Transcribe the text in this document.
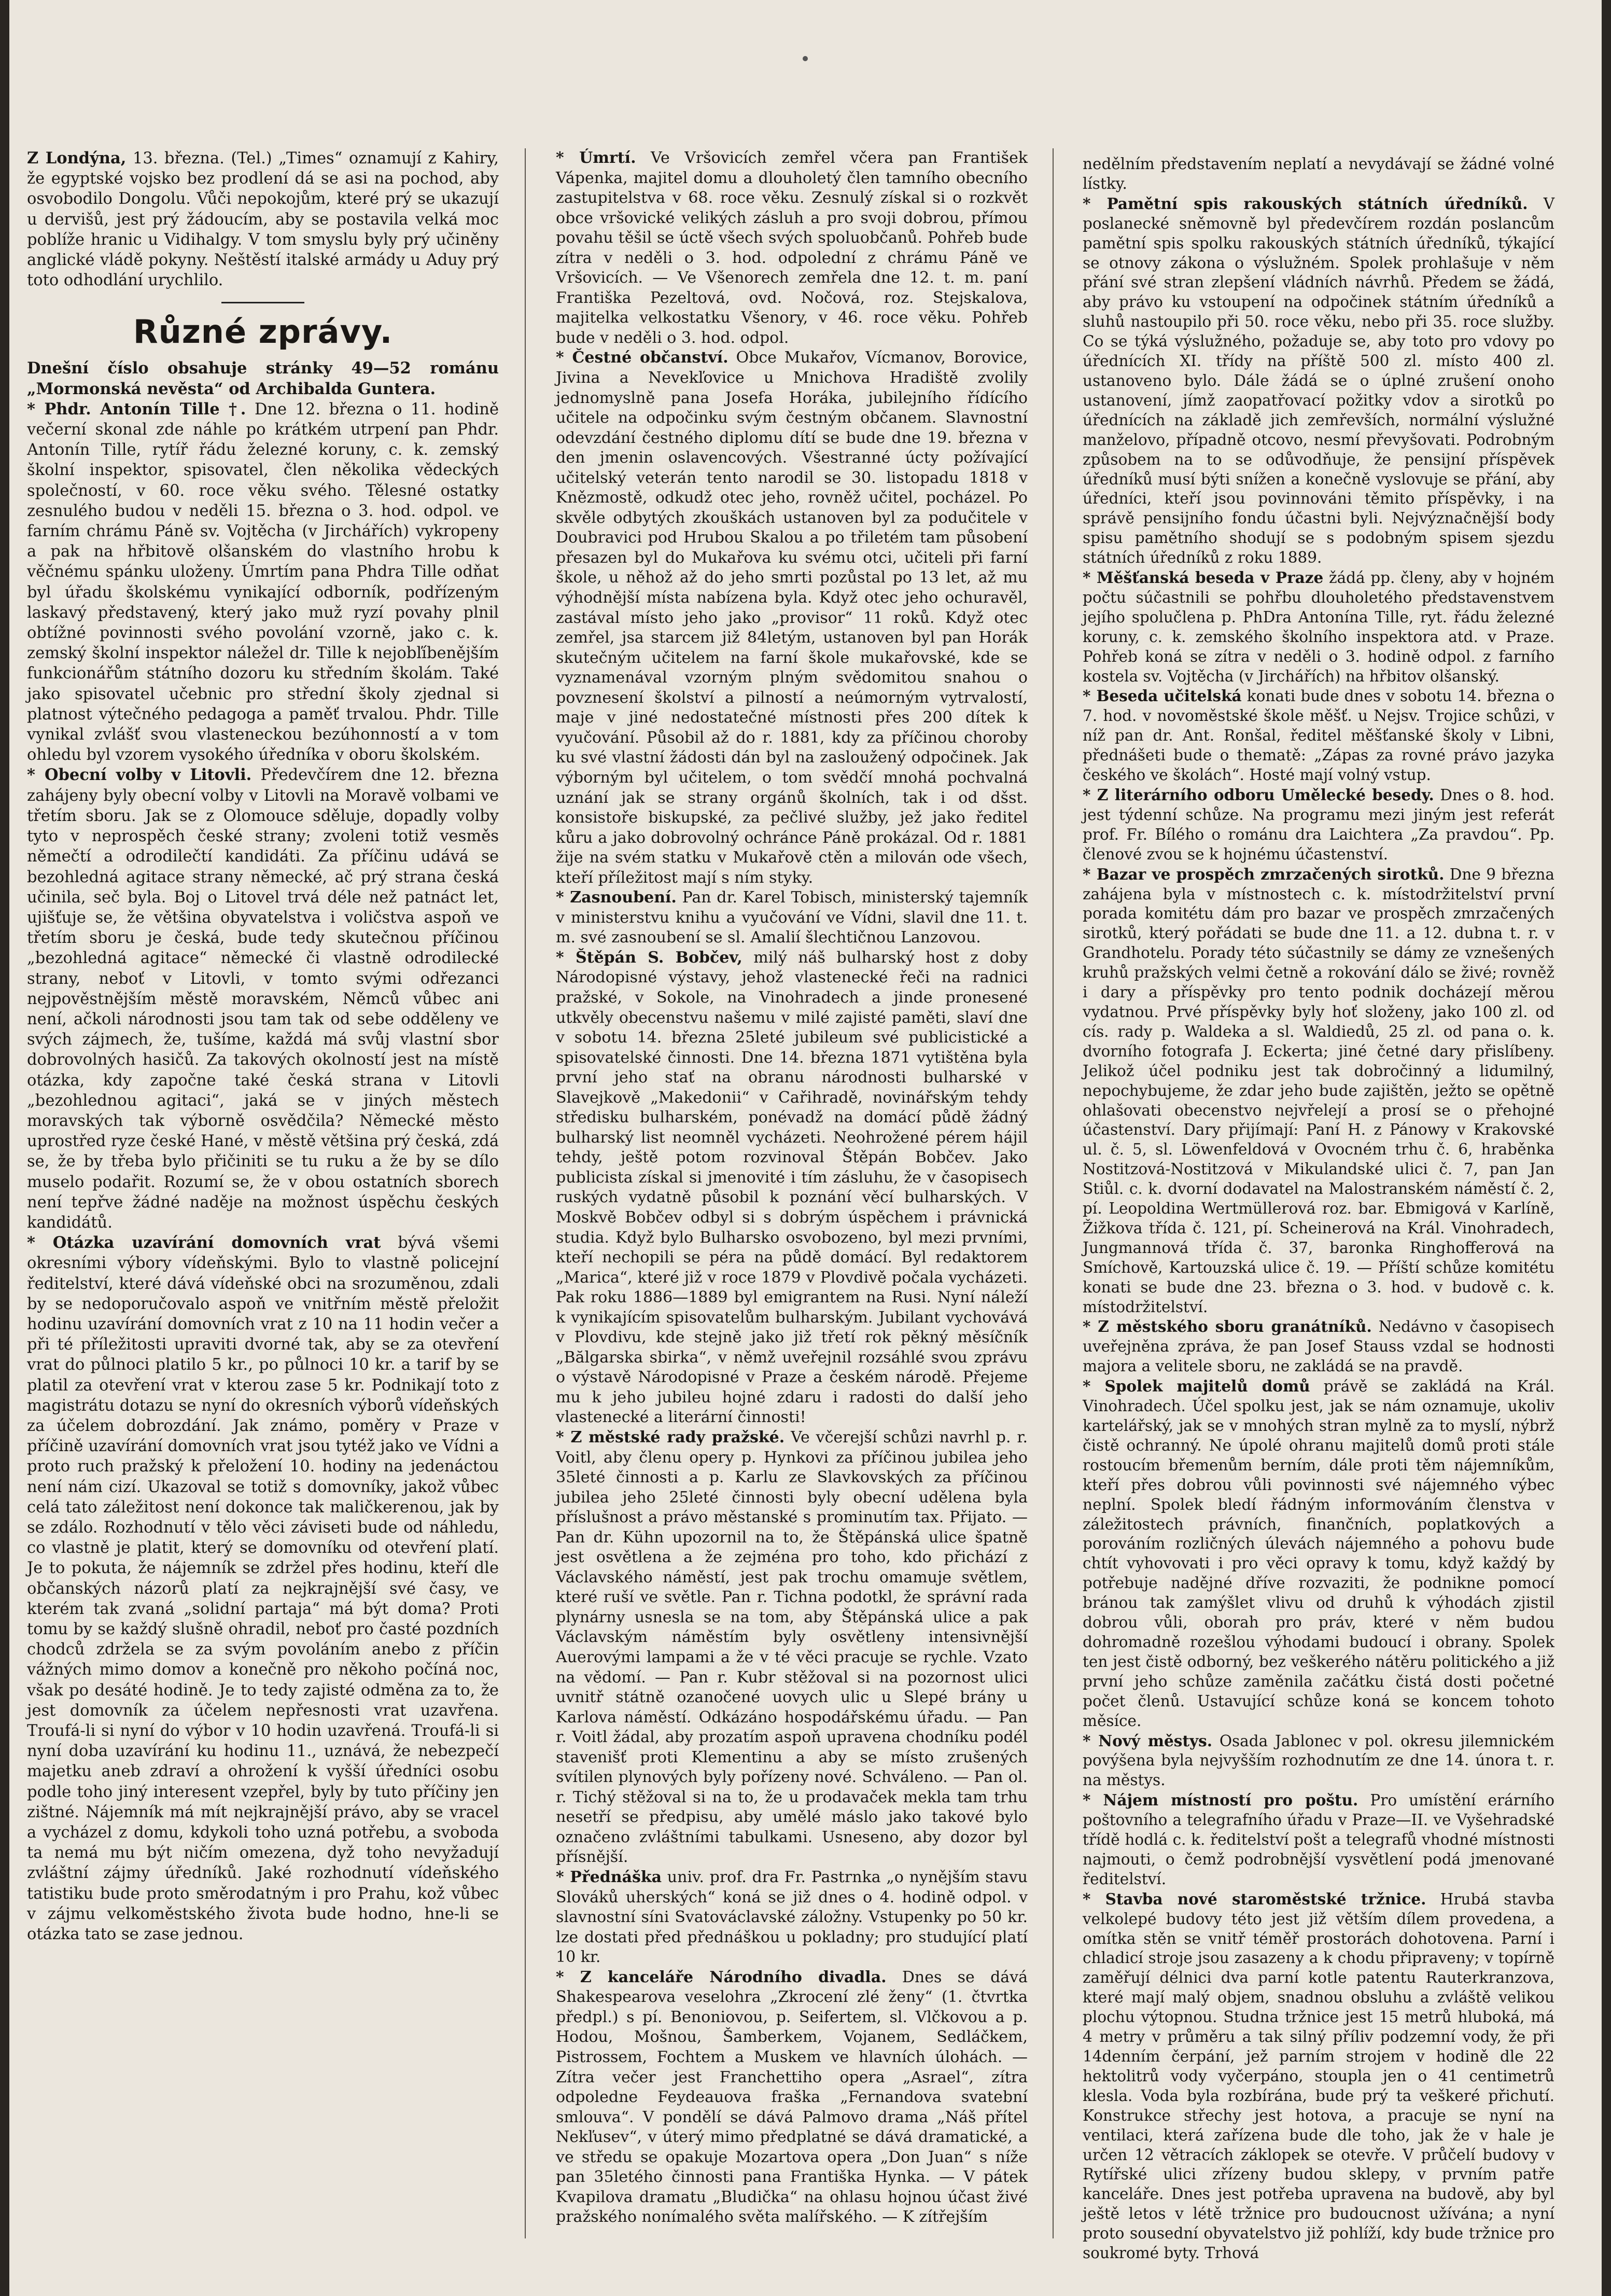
Z Londýna, 13. března. (Tel.) „Times“ oznamují z Kahiry, že egyptské vojsko bez prodlení dá se asi na pochod, aby osvobodilo Dongolu. Vůči nepokojům, které prý se ukazují u dervišů, jest prý žádoucím, aby se postavila velká moc poblíže hranic u Vidihalgy. V tom smyslu byly prý učiněny anglické vládě pokyny. Neštěstí italské armády u Aduy prý toto odhodlání urychlilo.

Různé zprávy.

Dnešní číslo obsahuje stránky 49—52 románu „Mormonská nevěsta“ od Archibalda Guntera.

* Phdr. Antonín Tille †. Dne 12. března o 11. hodině večerní skonal zde náhle po krátkém utrpení pan Phdr. Antonín Tille, rytíř řádu železné koruny, c. k. zemský školní inspektor, spisovatel, člen několika vědeckých společností, v 60. roce věku svého. Tělesné ostatky zesnulého budou v neděli 15. března o 3. hod. odpol. ve farním chrámu Páně sv. Vojtěcha (v Jirchářích) vykropeny a pak na hřbitově olšanském do vlastního hrobu k věčnému spánku uloženy. Úmrtím pana Phdra Tille odňat byl úřadu školskému vynikající odborník, podřízeným laskavý představený, který jako muž ryzí povahy plnil obtížné povinnosti svého povolání vzorně, jako c. k. zemský školní inspektor náležel dr. Tille k nejobľíbenějším funkcionářům státního dozoru ku středním školám. Také jako spisovatel učebnic pro střední školy zjednal si platnost výtečného pedagoga a paměť trvalou. Phdr. Tille vynikal zvlášť svou vlasteneckou bezúhonností a v tom ohledu byl vzorem vysokého úředníka v oboru školském.

* Obecní volby v Litovli. Předevčírem dne 12. března zahájeny byly obecní volby v Litovli na Moravě volbami ve třetím sboru. Jak se z Olomouce sděluje, dopadly volby tyto v neprospěch české strany; zvoleni totiž vesměs němečtí a odrodilečtí kandidáti. Za příčinu udává se bezohledná agitace strany německé, ač prý strana česká učinila, seč byla. Boj o Litovel trvá déle než patnáct let, ujišťuje se, že většina obyvatelstva i voličstva aspoň ve třetím sboru je česká, bude tedy skutečnou příčinou „bezohledná agitace“ německé či vlastně odrodilecké strany, neboť v Litovli, v tomto svými odřezanci nejpověstnějším městě moravském, Němců vůbec ani není, ačkoli národnosti jsou tam tak od sebe odděleny ve svých zájmech, že, tušíme, každá má svůj vlastní sbor dobrovolných hasičů. Za takových okolností jest na místě otázka, kdy započne také česká strana v Litovli „bezohlednou agitaci“, jaká se v jiných městech moravských tak výborně osvědčila? Německé město uprostřed ryze české Hané, v městě většina prý česká, zdá se, že by třeba bylo přičiniti se tu ruku a že by se dílo muselo podařit. Rozumí se, že v obou ostatních sborech není tepřve žádné naděje na možnost úspěchu českých kandidátů.

* Otázka uzavírání domovních vrat bývá všemi okresními výbory vídeňskými. Bylo to vlastně policejní ředitelství, které dává vídeňské obci na srozuměnou, zdali by se nedoporučovalo aspoň ve vnitřním městě přeložit hodinu uzavírání domovních vrat z 10 na 11 hodin večer a při té příležitosti upraviti dvorné tak, aby se za otevření vrat do půlnoci platilo 5 kr., po půlnoci 10 kr. a tarif by se platil za otevření vrat v kterou zase 5 kr. Podnikají toto z magistrátu dotazu se nyní do okresních výborů vídeňských za účelem dobrozdání. Jak známo, poměry v Praze v příčině uzavírání domovních vrat jsou tytéž jako ve Vídni a proto ruch pražský k přeložení 10. hodiny na jedenáctou není nám cizí. Ukazoval se totiž s domovníky, jakož vůbec celá tato záležitost není dokonce tak maličkerenou, jak by se zdálo. Rozhodnutí v tělo věci záviseti bude od náhledu, co vlastně je platit, který se domovníku od otevření platí. Je to pokuta, že nájemník se zdržel přes hodinu, kteří dle občanských názorů platí za nejkrajnější své časy, ve kterém tak zvaná „solidní partaja“ má být doma? Proti tomu by se každý slušně ohradil, neboť pro časté pozdních chodců zdržela se za svým povoláním anebo z příčin vážných mimo domov a konečně pro někoho počíná noc, však po desáté hodině. Je to tedy zajisté odměna za to, že jest domovník za účelem nepřesnosti vrat uzavřena. Troufá-li si nyní do výbor v 10 hodin uzavřená. Troufá-li si nyní doba uzavírání ku hodinu 11., uznává, že nebezpečí majetku aneb zdraví a ohrožení k vyšší úředníci osobu podle toho jiný interesent vzepřel, byly by tuto příčiny jen zištné. Nájemník má mít nejkrajnější právo, aby se vracel a vycházel z domu, kdykoli toho uzná potřebu, a svoboda ta nemá mu být ničím omezena, dyž toho nevyžadují zvláštní zájmy úředníků. Jaké rozhodnutí vídeňského tatistiku bude proto směrodatným i pro Prahu, kož vůbec v zájmu velkoměstského života bude hodno, hne-li se otázka tato se zase jednou.

* Úmrtí. Ve Vršovicích zemřel včera pan František Vápenka, majitel domu a dlouholetý člen tamního obecního zastupitelstva v 68. roce věku. Zesnulý získal si o rozkvět obce vršovické velikých zásluh a pro svoji dobrou, přímou povahu těšil se úctě všech svých spoluobčanů. Pohřeb bude zítra v neděli o 3. hod. odpolední z chrámu Páně ve Vršovicích. — Ve Všenorech zemřela dne 12. t. m. paní Františka Pezeltová, ovd. Nočová, roz. Stejskalova, majitelka velkostatku Všenory, v 46. roce věku. Pohřeb bude v neděli o 3. hod. odpol.

* Čestné občanství. Obce Mukařov, Vícmanov, Borovice, Jivina a Nevekľovice u Mnichova Hradiště zvolily jednomyslně pana Josefa Horáka, jubilejního řídícího učitele na odpočinku svým čestným občanem. Slavnostní odevzdání čestného diplomu dítí se bude dne 19. března v den jmenin oslavencových. Všestranné úcty požívající učitelský veterán tento narodil se 30. listopadu 1818 v Knězmostě, odkudž otec jeho, rovněž učitel, pocházel. Po skvěle odbytých zkouškách ustanoven byl za podučitele v Doubravici pod Hrubou Skalou a po třiletém tam působení přesazen byl do Mukařova ku svému otci, učiteli při farní škole, u něhož až do jeho smrti pozůstal po 13 let, až mu výhodnější místa nabízena byla. Když otec jeho ochuravěl, zastával místo jeho jako „provisor“ 11 roků. Když otec zemřel, jsa starcem již 84letým, ustanoven byl pan Horák skutečným učitelem na farní škole mukařovské, kde se vyznamenával vzorným plným svědomitou snahou o povznesení školství a pilností a neúmorným vytrvalostí, maje v jiné nedostatečné místnosti přes 200 dítek k vyučování. Působil až do r. 1881, kdy za příčinou choroby ku své vlastní žádosti dán byl na zasloužený odpočinek. Jak výborným byl učitelem, o tom svědčí mnohá pochvalná uznání jak se strany orgánů školních, tak i od dšst. konsistoře biskupské, za pečlivé služby, jež jako ředitel kůru a jako dobrovolný ochránce Páně prokázal. Od r. 1881 žije na svém statku v Mukařově ctěn a milován ode všech, kteří příležitost mají s ním styky.

* Zasnoubení. Pan dr. Karel Tobisch, ministerský tajemník v ministerstvu knihu a vyučování ve Vídni, slavil dne 11. t. m. své zasnoubení se sl. Amalií šlechtičnou Lanzovou.

* Štěpán S. Bobčev, milý náš bulharský host z doby Národopisné výstavy, jehož vlastenecké řeči na radnici pražské, v Sokole, na Vinohradech a jinde pronesené utkvěly obecenstvu našemu v milé zajisté paměti, slaví dne v sobotu 14. března 25leté jubileum své publicistické a spisovatelské činnosti. Dne 14. března 1871 vytištěna byla první jeho stať na obranu národnosti bulharské v Slavejkově „Makedonii“ v Cařihradě, novinářským tehdy středisku bulharském, ponévadž na domácí půdě žádný bulharský list neomněl vycházeti. Neohrožené pérem hájil tehdy, ještě potom rozvinoval Štěpán Bobčev. Jako publicista získal si jmenovité i tím zásluhu, že v časopisech ruských vydatně působil k poznání věcí bulharských. V Moskvě Bobčev odbyl si s dobrým úspěchem i právnická studia. Když bylo Bulharsko osvobozeno, byl mezi prvními, kteří nechopili se péra na půdě domácí. Byl redaktorem „Marica“, které již v roce 1879 v Plovdivě počala vycházeti. Pak roku 1886—1889 byl emigrantem na Rusi. Nyní náleží k vynikajícím spisovatelům bulharským. Jubilant vychovává v Plovdivu, kde stejně jako již třetí rok pěkný měsíčník „Bălgarska sbirka“, v němž uveřejnil rozsáhlé svou zprávu o výstavě Národopisné v Praze a českém národě. Přejeme mu k jeho jubileu hojné zdaru i radosti do další jeho vlastenecké a literární činnosti!

* Z městské rady pražské. Ve včerejší schůzi navrhl p. r. Voitl, aby členu opery p. Hynkovi za příčinou jubilea jeho 35leté činnosti a p. Karlu ze Slavkovských za příčinou jubilea jeho 25leté činnosti byly obecní udělena byla příslušnost a právo městanské s prominutím tax. Přijato. — Pan dr. Kühn upozornil na to, že Štěpánská ulice špatně jest osvětlena a že zejména pro toho, kdo přichází z Václavského náměstí, jest pak trochu omamuje světlem, které ruší ve světle. Pan r. Tichna podotkl, že správní rada plynárny usnesla se na tom, aby Štěpánská ulice a pak Václavským náměstím byly osvětleny intensivnější Auerovými lampami a že v té věci pracuje se rychle. Vzato na vědomí. — Pan r. Kubr stěžoval si na pozornost ulici uvnitř státně ozanočené uovych ulic u Slepé brány u Karlova náměstí. Odkázáno hospodářskému úřadu. — Pan r. Voitl žádal, aby prozatím aspoň upravena chodníku podél stavenišť proti Klementinu a aby se místo zrušených svítilen plynových byly pořízeny nové. Schváleno. — Pan ol. r. Tichý stěžoval si na to, že u prodavaček mekla tam trhu nesetří se předpisu, aby umělé máslo jako takové bylo označeno zvláštními tabulkami. Usneseno, aby dozor byl přísnější.

* Přednáška univ. prof. dra Fr. Pastrnka „o nynějším stavu Slováků uherských“ koná se již dnes o 4. hodině odpol. v slavnostní síni Svatováclavské záložny. Vstupenky po 50 kr. lze dostati před přednáškou u pokladny; pro studující platí 10 kr.

* Z kanceláře Národního divadla. Dnes se dává Shakespearova veselohra „Zkrocení zlé ženy“ (1. čtvrtka předpl.) s pí. Benoniovou, p. Seifertem, sl. Vlčkovou a p. Hodou, Mošnou, Šamberkem, Vojanem, Sedláčkem, Pistrossem, Fochtem a Muskem ve hlavních úlohách. — Zítra večer jest Franchettiho opera „Asrael“, zítra odpoledne Feydeauova fraška „Fernandova svatební smlouva“. V pondělí se dává Palmovo drama „Náš přítel Nekľusev“, v úterý mimo předplatné se dává dramatické, a ve středu se opakuje Mozartova opera „Don Juan“ s níže pan 35letého činnosti pana Františka Hynka. — V pátek Kvapilova dramatu „Bludička“ na ohlasu hojnou účast živé pražského nonímalého světa malířského. — K zítřejším

nedělním představením neplatí a nevydávají se žádné volné lístky.

* Pamětní spis rakouských státních úředníků. V poslanecké sněmovně byl předevčírem rozdán poslancům pamětní spis spolku rakouských státních úředníků, týkající se otnovy zákona o výslužném. Spolek prohlašuje v něm přání své stran zlepšení vládních návrhů. Předem se žádá, aby právo ku vstoupení na odpočinek státním úředníků a sluhů nastoupilo při 50. roce věku, nebo při 35. roce služby. Co se týká výslužného, požaduje se, aby toto pro vdovy po úřednících XI. třídy na příště 500 zl. místo 400 zl. ustanoveno bylo. Dále žádá se o úplné zrušení onoho ustanovení, jímž zaopatřovací požitky vdov a sirotků po úřednících na základě jich zemřevších, normální výslužné manželovo, případně otcovo, nesmí převyšovati. Podrobným způsobem na to se odůvodňuje, že pensijní příspěvek úředníků musí býti snížen a konečně vyslovuje se přání, aby úředníci, kteří jsou povinnováni těmito příspěvky, i na správě pensijního fondu účastni byli. Nejvýznačnější body spisu pamětního shodují se s podobným spisem sjezdu státních úředníků z roku 1889.

* Měšťanská beseda v Praze žádá pp. členy, aby v hojném počtu súčastnili se pohřbu dlouholetého představenstvem jejího spolučlena p. PhDra Antonína Tille, ryt. řádu železné koruny, c. k. zemského školního inspektora atd. v Praze. Pohřeb koná se zítra v neděli o 3. hodině odpol. z farního kostela sv. Vojtěcha (v Jirchářích) na hřbitov olšanský.

* Beseda učitelská konati bude dnes v sobotu 14. března o 7. hod. v novoměstské škole měšť. u Nejsv. Trojice schůzi, v níž pan dr. Ant. Ronšal, ředitel měšťanské školy v Libni, přednášeti bude o thematě: „Zápas za rovné právo jazyka českého ve školách“. Hosté mají volný vstup.

* Z literárního odboru Umělecké besedy. Dnes o 8. hod. jest týdenní schůze. Na programu mezi jiným jest referát prof. Fr. Bílého o románu dra Laichtera „Za pravdou“. Pp. členové zvou se k hojnému účastenství.

* Bazar ve prospěch zmrzačených sirotků. Dne 9 března zahájena byla v místnostech c. k. místodržitelství první porada komitétu dám pro bazar ve prospěch zmrzačených sirotků, který pořádati se bude dne 11. a 12. dubna t. r. v Grandhotelu. Porady této súčastnily se dámy ze vznešených kruhů pražských velmi četně a rokování dálo se živé; rovněž i dary a příspěvky pro tento podnik docházejí měrou vydatnou. Prvé příspěvky byly hoť složeny, jako 100 zl. od cís. rady p. Waldeka a sl. Waldiedů, 25 zl. od pana o. k. dvorního fotografa J. Eckerta; jiné četné dary přislíbeny. Jelikož účel podniku jest tak dobročinný a lidumilný, nepochybujeme, že zdar jeho bude zajištěn, ježto se opětně ohlašovati obecenstvo nejvřelejí a prosí se o přehojné účastenství. Dary přijímají: Paní H. z Pánowy v Krakovské ul. č. 5, sl. Löwenfeldová v Ovocném trhu č. 6, hraběnka Nostitzová-Nostitzová v Mikulandské ulici č. 7, pan Jan Stiůl. c. k. dvorní dodavatel na Malostranském náměstí č. 2, pí. Leopoldina Wertmüllerová roz. bar. Ebmigová v Karlíně, Žižkova třída č. 121, pí. Scheinerová na Král. Vinohradech, Jungmannová třída č. 37, baronka Ringhofferová na Smíchově, Kartouzská ulice č. 19. — Příští schůze komitétu konati se bude dne 23. března o 3. hod. v budově c. k. místodržitelství.

* Z městského sboru granátníků. Nedávno v časopisech uveřejněna zpráva, že pan Josef Stauss vzdal se hodnosti majora a velitele sboru, ne zakládá se na pravdě.

* Spolek majitelů domů právě se zakládá na Král. Vinohradech. Účel spolku jest, jak se nám oznamuje, ukoliv kartelářský, jak se v mnohých stran mylně za to myslí, nýbrž čistě ochranný. Ne úpolé ohranu majitelů domů proti stále rostoucím břemenům berním, dále proti těm nájemníkům, kteří přes dobrou vůli povinnosti své nájemného výbec neplní. Spolek bledí řádným informováním členstva v záležitostech právních, finančních, poplatkových a porováním rozličných úlevách nájemného a pohovu bude chtít vyhovovati i pro věci opravy k tomu, když každý by potřebuje nadějné dříve rozvaziti, že podnikne pomocí bránou tak zamýšlet vlivu od druhů k výhodách zjistil dobrou vůli, oborah pro práv, které v něm budou dohromadně rozešlou výhodami budoucí i obrany. Spolek ten jest čistě odborný, bez veškerého nátěru politického a již první jeho schůze zaměnila začátku čistá dosti početné počet členů. Ustavující schůze koná se koncem tohoto měsíce.

* Nový městys. Osada Jablonec v pol. okresu jilemnickém povýšena byla nejvyšším rozhodnutím ze dne 14. února t. r. na městys.

* Nájem místností pro poštu. Pro umístění erárního poštovního a telegrafního úřadu v Praze—II. ve Vyšehradské třídě hodlá c. k. ředitelství pošt a telegrafů vhodné místnosti najmouti, o čemž podrobnější vysvětlení podá jmenované ředitelství.

* Stavba nové staroměstské tržnice. Hrubá stavba velkolepé budovy této jest již větším dílem provedena, a omítka stěn se vnitř téměř prostorách dohotovena. Parní i chladicí stroje jsou zasazeny a k chodu připraveny; v topírně zaměřují délnici dva parní kotle patentu Rauterkranzova, které mají malý objem, snadnou obsluhu a zvláště velikou plochu výtopnou. Studna tržnice jest 15 metrů hluboká, má 4 metry v průměru a tak silný příliv podzemní vody, že při 14denním čerpání, jež parním strojem v hodině dle 22 hektolitrů vody vyčerpáno, stoupla jen o 41 centimetrů klesla. Voda byla rozbírána, bude prý ta veškeré přichutí. Konstrukce střechy jest hotova, a pracuje se nyní na ventilaci, která zařízena bude dle toho, jak že v hale je určen 12 větracích záklopek se otevře. V průčelí budovy v Rytířské ulici zřízeny budou sklepy, v prvním patře kanceláře. Dnes jest potřeba upravena na budově, aby byl ještě letos v létě tržnice pro budoucnost užívána; a nyní proto sousední obyvatelstvo již pohlíží, kdy bude tržnice pro soukromé byty. Trhová
